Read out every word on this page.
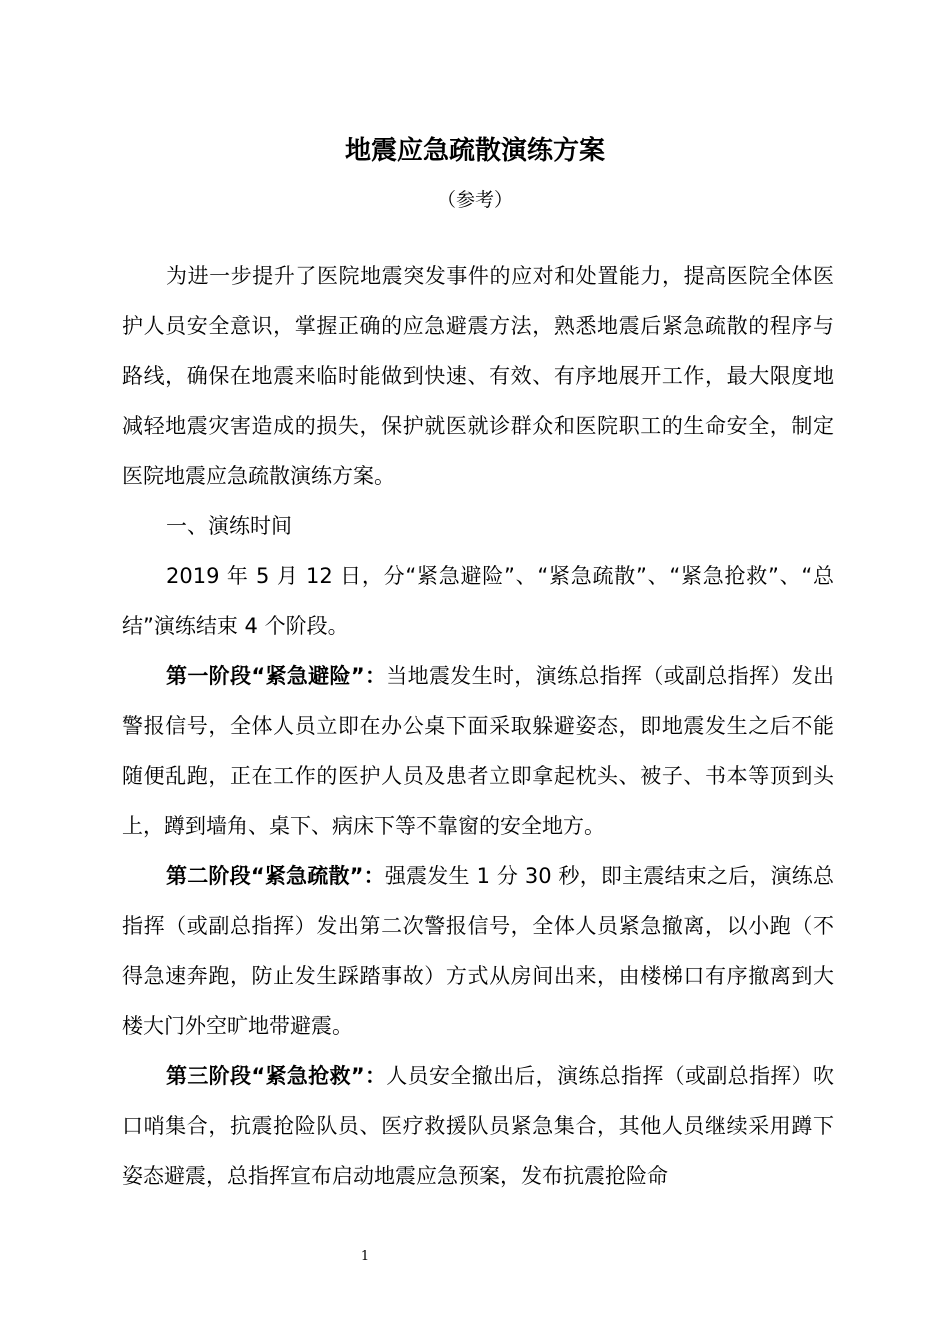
地震应急疏散演练方案
（参考）

为进一步提升了医院地震突发事件的应对和处置能力，提高医院全体医护人员安全意识，掌握正确的应急避震方法，熟悉地震后紧急疏散的程序与路线，确保在地震来临时能做到快速、有效、有序地展开工作，最大限度地减轻地震灾害造成的损失，保护就医就诊群众和医院职工的生命安全，制定医院地震应急疏散演练方案。

一、演练时间

2019 年 5 月 12 日，分“紧急避险”、“紧急疏散”、“紧急抢救”、“总结”演练结束 4 个阶段。

第一阶段“紧急避险”：当地震发生时，演练总指挥（或副总指挥）发出警报信号，全体人员立即在办公桌下面采取躲避姿态，即地震发生之后不能随便乱跑，正在工作的医护人员及患者立即拿起枕头、被子、书本等顶到头上，蹲到墙角、桌下、病床下等不靠窗的安全地方。

第二阶段“紧急疏散”：强震发生 1 分 30 秒，即主震结束之后，演练总指挥（或副总指挥）发出第二次警报信号，全体人员紧急撤离，以小跑（不得急速奔跑，防止发生踩踏事故）方式从房间出来，由楼梯口有序撤离到大楼大门外空旷地带避震。

第三阶段“紧急抢救”：人员安全撤出后，演练总指挥（或副总指挥）吹口哨集合，抗震抢险队员、医疗救援队员紧急集合，其他人员继续采用蹲下姿态避震，总指挥宣布启动地震应急预案，发布抗震抢险命

1
